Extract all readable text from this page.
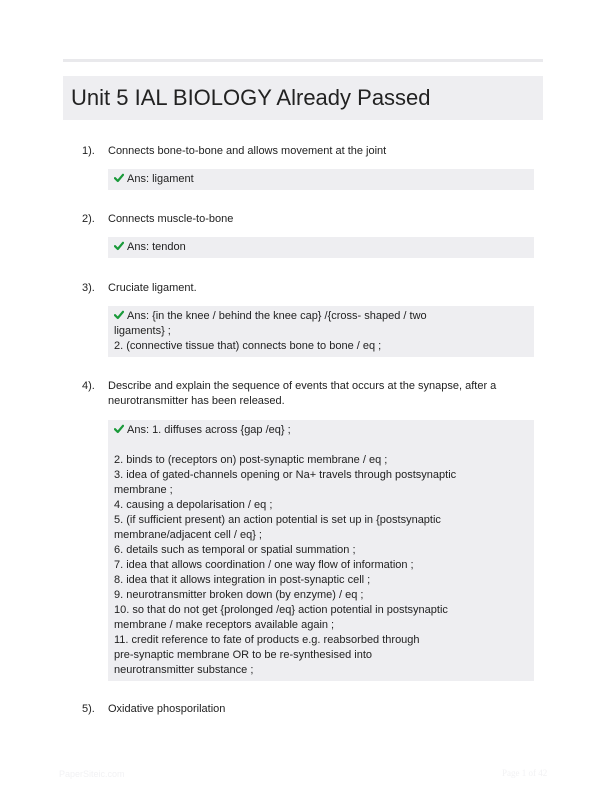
Unit 5 IAL BIOLOGY Already Passed
1). Connects bone-to-bone and allows movement at the joint
Ans: ligament
2). Connects muscle-to-bone
Ans: tendon
3). Cruciate ligament.
Ans: {in the knee / behind the knee cap} /{cross- shaped / two
ligaments} ;
2. (connective tissue that) connects bone to bone / eq ;
4). Describe and explain the sequence of events that occurs at the synapse, after a
neurotransmitter has been released.
Ans: 1. diffuses across {gap /eq} ;
2. binds to (receptors on) post-synaptic membrane / eq ;
3. idea of gated-channels opening or Na+ travels through postsynaptic
membrane ;
4. causing a depolarisation / eq ;
5. (if sufficient present) an action potential is set up in {postsynaptic
membrane/adjacent cell / eq} ;
6. details such as temporal or spatial summation ;
7. idea that allows coordination / one way flow of information ;
8. idea that it allows integration in post-synaptic cell ;
9. neurotransmitter broken down (by enzyme) / eq ;
10. so that do not get {prolonged /eq} action potential in postsynaptic
membrane / make receptors available again ;
11. credit reference to fate of products e.g. reabsorbed through
pre-synaptic membrane OR to be re-synthesised into
neurotransmitter substance ;
5). Oxidative phosporilation
PaperSiteic.com	Page 1 of 42
